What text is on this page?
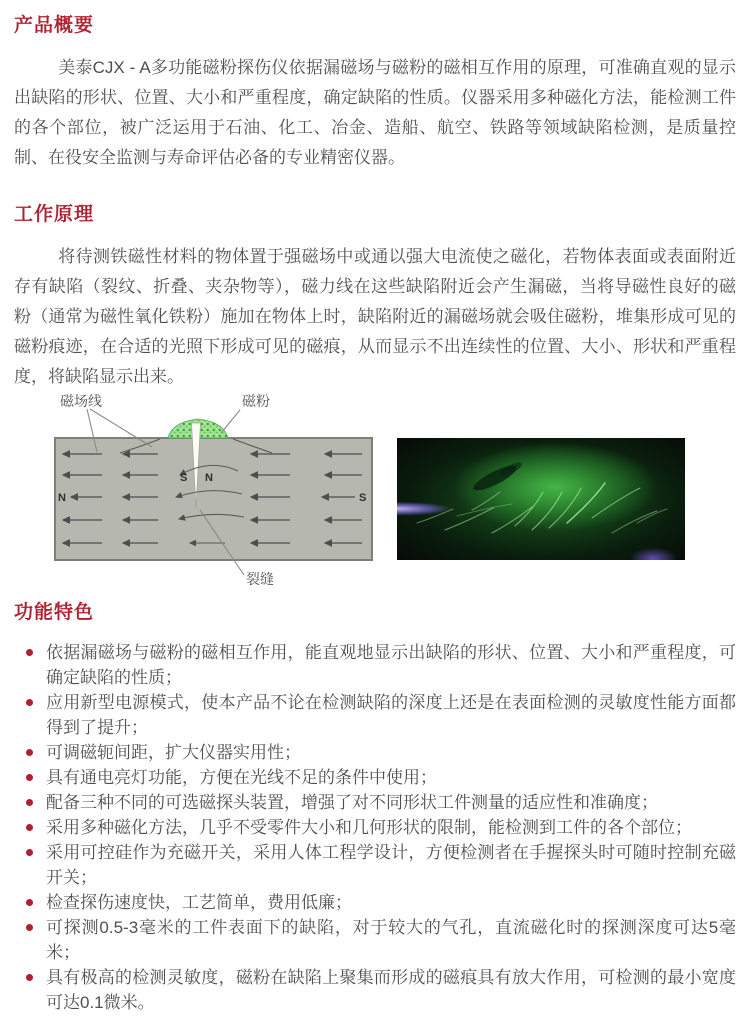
产品概要

美泰CJX - A多功能磁粉探伤仪依据漏磁场与磁粉的磁相互作用的原理，可准确直观的显示出缺陷的形状、位置、大小和严重程度，确定缺陷的性质。仪器采用多种磁化方法，能检测工件的各个部位，被广泛运用于石油、化工、冶金、造船、航空、铁路等领域缺陷检测，是质量控制、在役安全监测与寿命评估必备的专业精密仪器。

工作原理

将待测铁磁性材料的物体置于强磁场中或通以强大电流使之磁化，若物体表面或表面附近存有缺陷（裂纹、折叠、夹杂物等），磁力线在这些缺陷附近会产生漏磁，当将导磁性良好的磁粉（通常为磁性氧化铁粉）施加在物体上时，缺陷附近的漏磁场就会吸住磁粉，堆集形成可见的磁粉痕迹，在合适的光照下形成可见的磁痕，从而显示不出连续性的位置、大小、形状和严重程度，将缺陷显示出来。

磁场线	磁粉
裂缝
N	S
S N
功能特色
依据漏磁场与磁粉的磁相互作用，能直观地显示出缺陷的形状、位置、大小和严重程度，可确定缺陷的性质；
应用新型电源模式，使本产品不论在检测缺陷的深度上还是在表面检测的灵敏度性能方面都得到了提升；
可调磁轭间距，扩大仪器实用性；
具有通电亮灯功能，方便在光线不足的条件中使用；
配备三种不同的可选磁探头装置，增强了对不同形状工件测量的适应性和准确度；
采用多种磁化方法，几乎不受零件大小和几何形状的限制，能检测到工件的各个部位；
采用可控硅作为充磁开关，采用人体工程学设计，方便检测者在手握探头时可随时控制充磁开关；
检查探伤速度快，工艺简单，费用低廉；
可探测0.5-3毫米的工件表面下的缺陷，对于较大的气孔，直流磁化时的探测深度可达5毫米；
具有极高的检测灵敏度，磁粉在缺陷上聚集而形成的磁痕具有放大作用，可检测的最小宽度可达0.1微米。
